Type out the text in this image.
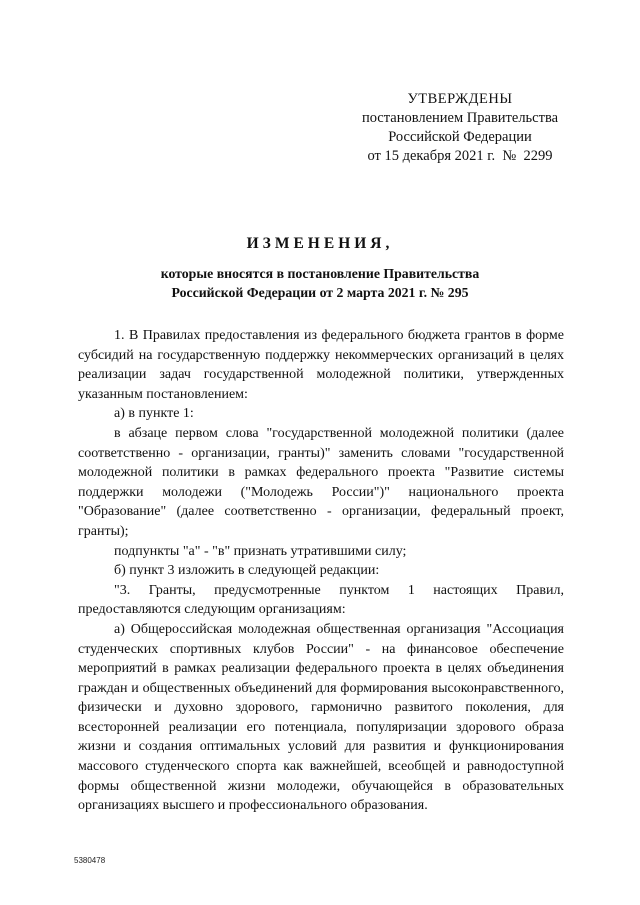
УТВЕРЖДЕНЫ
постановлением Правительства
Российской Федерации
от 15 декабря 2021 г.  №  2299
ИЗМЕНЕНИЯ,
которые вносятся в постановление Правительства
Российской Федерации от 2 марта 2021 г. № 295

1. В Правилах предоставления из федерального бюджета грантов в форме субсидий на государственную поддержку некоммерческих организаций в целях реализации задач государственной молодежной политики, утвержденных указанным постановлением:

а) в пункте 1:

в абзаце первом слова "государственной молодежной политики (далее соответственно - организации, гранты)" заменить словами "государственной молодежной политики в рамках федерального проекта "Развитие системы поддержки молодежи ("Молодежь России")" национального проекта "Образование" (далее соответственно - организации, федеральный проект, гранты);

подпункты "а" - "в" признать утратившими силу;

б) пункт 3 изложить в следующей редакции:

"3. Гранты, предусмотренные пунктом 1 настоящих Правил, предоставляются следующим организациям:

а) Общероссийская молодежная общественная организация "Ассоциация студенческих спортивных клубов России" - на финансовое обеспечение мероприятий в рамках реализации федерального проекта в целях объединения граждан и общественных объединений для формирования высоконравственного, физически и духовно здорового, гармонично развитого поколения, для всесторонней реализации его потенциала, популяризации здорового образа жизни и создания оптимальных условий для развития и функционирования массового студенческого спорта как важнейшей, всеобщей и равнодоступной формы общественной жизни молодежи, обучающейся в образовательных организациях высшего и профессионального образования.

5380478
